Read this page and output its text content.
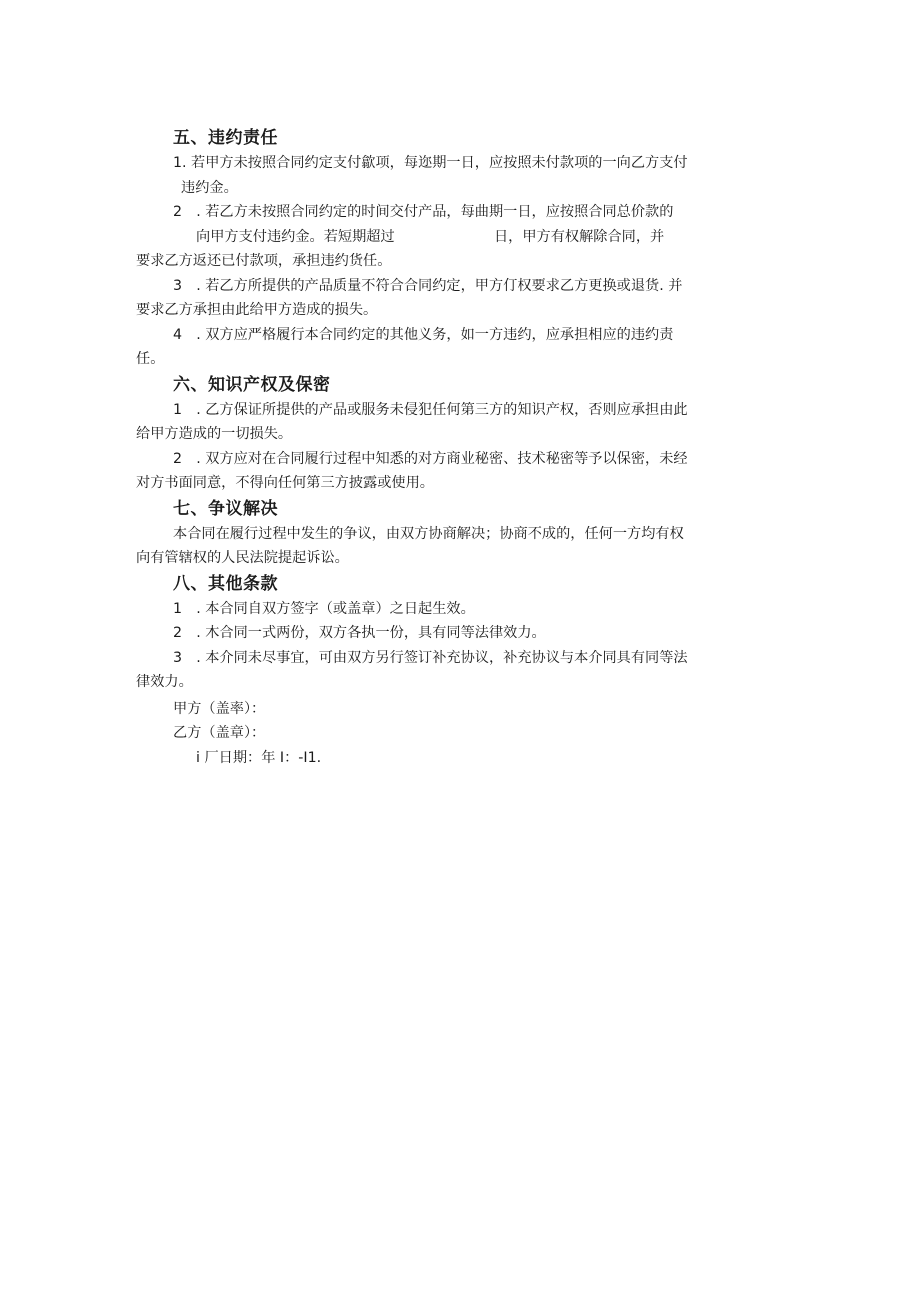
五、违约责任
1. 若甲方未按照合同约定支付歙项，每迩期一日，应按照未付款项的一向乙方支付
违约金。
2　. 若乙方未按照合同约定的时间交付产品，每曲期一日，应按照合同总价款的
向甲方支付违约金。若短期超过　　　　　　　日，甲方有权解除合同，并
要求乙方返还已付款项，承担违约货任。
3　. 若乙方所提供的产品质量不符合合同约定，甲方仃权要求乙方更换或退货. 并
要求乙方承担由此给甲方造成的损失。
4　. 双方应严格履行本合同约定的其他义务，如一方违约，应承担相应的违约责
任。
六、知识产权及保密
1　. 乙方保证所提供的产品或服务未侵犯任何第三方的知识产权，否则应承担由此
给甲方造成的一切损失。
2　. 双方应对在合同履行过程中知悉的对方商业秘密、技术秘密等予以保密，未经
对方书面同意，不得向任何第三方披露或使用。
七、争议解决
本合同在履行过程中发生的争议，由双方协商解决；协商不成的，任何一方均有权
向有管辖权的人民法院提起诉讼。
八、其他条款
1　. 本合同自双方签字（或盖章）之日起生效。
2　. 木合同一式两份，双方各执一份，具有同等法律效力。
3　. 本介同未尽事宜，可由双方另行签订补充协议，补充协议与本介同具有同等法
律效力。
甲方（盖率）：
乙方（盖章）：
i 厂日期：年 I：-I1.
